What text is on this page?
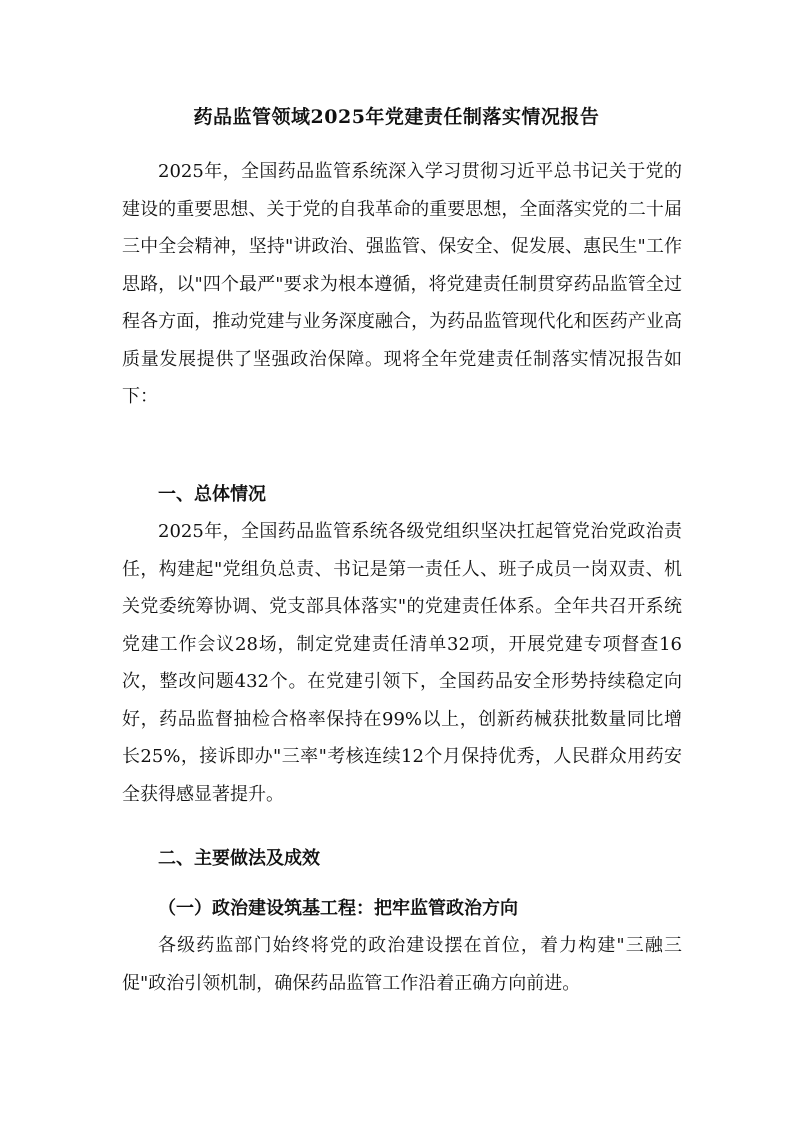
药品监管领域2025年党建责任制落实情况报告

2025年，全国药品监管系统深入学习贯彻习近平总书记关于党的建设的重要思想、关于党的自我革命的重要思想，全面落实党的二十届三中全会精神，坚持"讲政治、强监管、保安全、促发展、惠民生"工作思路，以"四个最严"要求为根本遵循，将党建责任制贯穿药品监管全过程各方面，推动党建与业务深度融合，为药品监管现代化和医药产业高质量发展提供了坚强政治保障。现将全年党建责任制落实情况报告如下：

一、总体情况

2025年，全国药品监管系统各级党组织坚决扛起管党治党政治责任，构建起"党组负总责、书记是第一责任人、班子成员一岗双责、机关党委统筹协调、党支部具体落实"的党建责任体系。全年共召开系统党建工作会议28场，制定党建责任清单32项，开展党建专项督查16次，整改问题432个。在党建引领下，全国药品安全形势持续稳定向好，药品监督抽检合格率保持在99%以上，创新药械获批数量同比增长25%，接诉即办"三率"考核连续12个月保持优秀，人民群众用药安全获得感显著提升。

二、主要做法及成效

（一）政治建设筑基工程：把牢监管政治方向

各级药监部门始终将党的政治建设摆在首位，着力构建"三融三促"政治引领机制，确保药品监管工作沿着正确方向前进。
